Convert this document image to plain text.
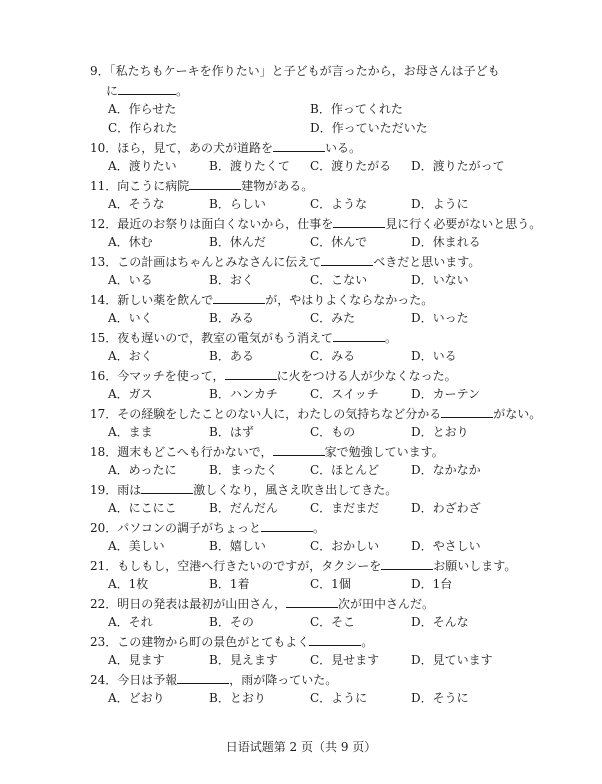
9．「私たちもケーキを作りたい」と子どもが言ったから，お母さんは子ども
に	。
A．作らせた	B．作ってくれた
C．作られた	D．作っていただいた
10．ほら，見て，あの犬が道路を	いる。
A．渡りたい	B．渡りたくて C．渡りたがる D．渡りたがって
11．向こうに病院	建物がある。
A．そうな	B．らしい	C．ような	D．ように
12．最近のお祭りは面白くないから，仕事を	見に行く必要がないと思う。
A．休む	B．休んだ	C．休んで	D．休まれる
13．この計画はちゃんとみなさんに伝えて	べきだと思います。
A．いる	B．おく	C．こない	D．いない
14．新しい薬を飲んで	が，やはりよくならなかった。
A．いく	B．みる	C．みた	D．いった
15．夜も遅いので，教室の電気がもう消えて	。
A．おく	B．ある	C．みる	D．いる
16．今マッチを使って，	に火をつける人が少なくなった。
A．ガス	B．ハンカチ	C．スイッチ	D．カーテン
17．その経験をしたことのない人に，わたしの気持ちなど分かる	がない。
A．まま	B．はず	C．もの	D．とおり
18．週末もどこへも行かないで，	家で勉強しています。
A．めったに	B．まったく	C．ほとんど	D．なかなか
19．雨は	激しくなり，風さえ吹き出してきた。
A．にこにこ	B．だんだん	C．まだまだ	D．わざわざ
20．パソコンの調子がちょっと	。
A．美しい	B．嬉しい	C．おかしい	D．やさしい
21．もしもし，空港へ行きたいのですが，タクシーを	お願いします。
A．1枚	B．1着	C．1個	D．1台
22．明日の発表は最初が山田さん，	次が田中さんだ。
A．それ	B．その	C．そこ	D．そんな
23．この建物から町の景色がとてもよく	。
A．見ます	B．見えます	C．見せます	D．見ています
24．今日は予報	，雨が降っていた。
A．どおり	B．とおり	C．ように	D．そうに
日语试题第 2 页（共 9 页）
